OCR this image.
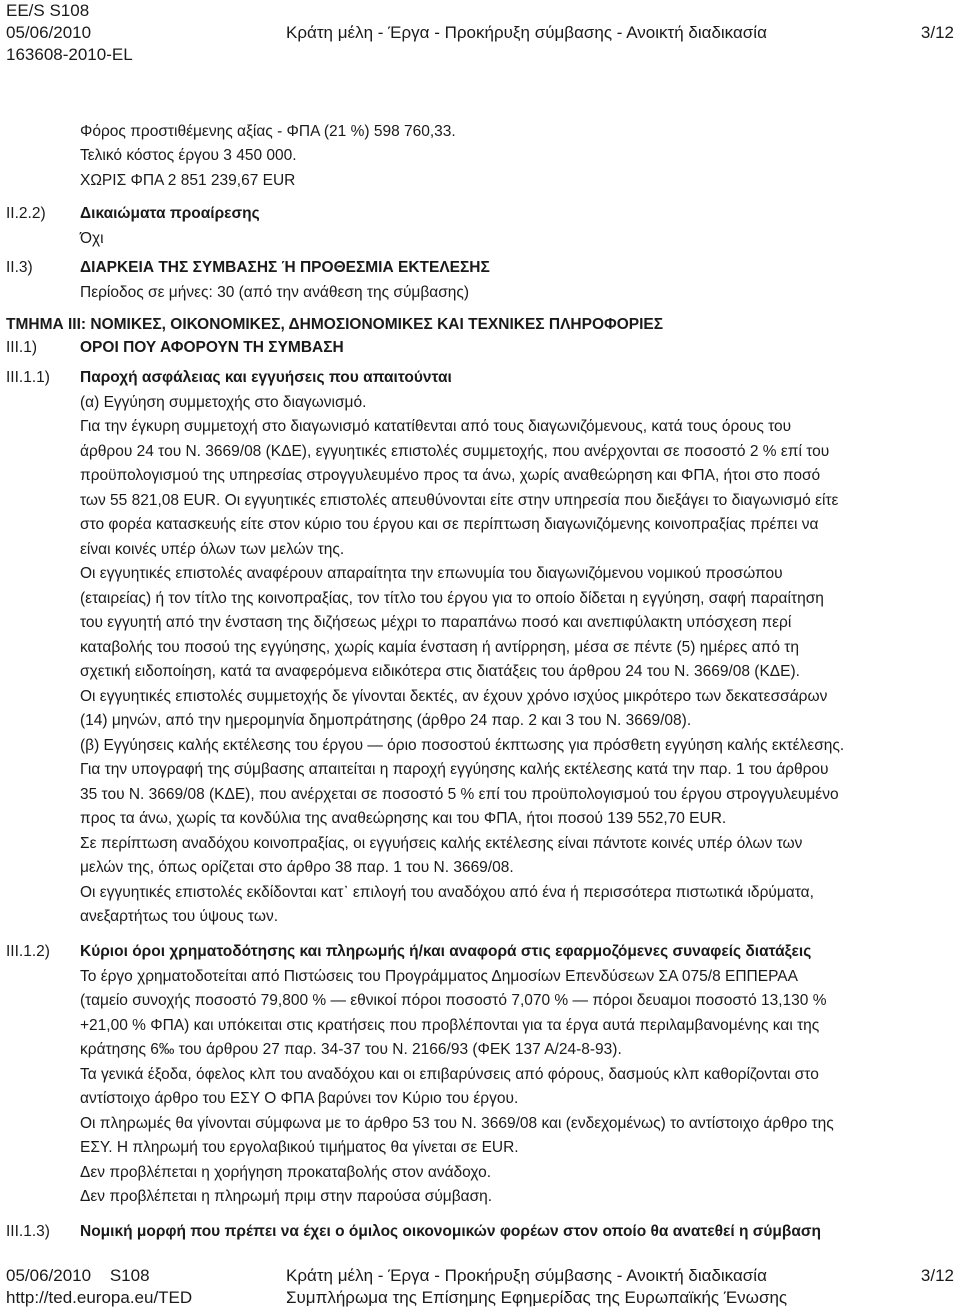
EE/S S108
05/06/2010
163608-2010-EL
Κράτη μέλη - Έργα - Προκήρυξη σύμβασης - Ανοικτή διαδικασία	3/12
Φόρος προστιθέμενης αξίας - ΦΠΑ (21 %) 598 760,33.
Τελικό κόστος έργου 3 450 000.
ΧΩΡΙΣ ΦΠΑ 2 851 239,67 EUR
II.2.2) Δικαιώματα προαίρεσης
Όχι
II.3)	ΔΙΑΡΚΕΙΑ ΤΗΣ ΣΥΜΒΑΣΗΣ Ή ΠΡΟΘΕΣΜΙΑ ΕΚΤΕΛΕΣΗΣ
Περίοδος σε μήνες: 30 (από την ανάθεση της σύμβασης)
ΤΜΗΜΑ III: ΝΟΜΙΚΕΣ, ΟΙΚΟΝΟΜΙΚΕΣ, ΔΗΜΟΣΙΟΝΟΜΙΚΕΣ ΚΑΙ ΤΕΧΝΙΚΕΣ ΠΛΗΡΟΦΟΡΙΕΣ
III.1)	ΟΡΟΙ ΠΟΥ ΑΦΟΡΟΥΝ ΤΗ ΣΥΜΒΑΣΗ
III.1.1) Παροχή ασφάλειας και εγγυήσεις που απαιτούνται
(α) Εγγύηση συμμετοχής στο διαγωνισμό.
Για την έγκυρη συμμετοχή στο διαγωνισμό κατατίθενται από τους διαγωνιζόμενους, κατά τους όρους του
άρθρου 24 του Ν. 3669/08 (ΚΔΕ), εγγυητικές επιστολές συμμετοχής, που ανέρχονται σε ποσοστό 2 % επί του
προϋπολογισμού της υπηρεσίας στρογγυλευμένο προς τα άνω, χωρίς αναθεώρηση και ΦΠΑ, ήτοι στο ποσό
των 55 821,08 EUR. Οι εγγυητικές επιστολές απευθύνονται είτε στην υπηρεσία που διεξάγει το διαγωνισμό είτε
στο φορέα κατασκευής είτε στον κύριο του έργου και σε περίπτωση διαγωνιζόμενης κοινοπραξίας πρέπει να
είναι κοινές υπέρ όλων των μελών της.
Οι εγγυητικές επιστολές αναφέρουν απαραίτητα την επωνυμία του διαγωνιζόμενου νομικού προσώπου
(εταιρείας) ή τον τίτλο της κοινοπραξίας, τον τίτλο του έργου για το οποίο δίδεται η εγγύηση, σαφή παραίτηση
του εγγυητή από την ένσταση της διζήσεως μέχρι το παραπάνω ποσό και ανεπιφύλακτη υπόσχεση περί
καταβολής του ποσού της εγγύησης, χωρίς καμία ένσταση ή αντίρρηση, μέσα σε πέντε (5) ημέρες από τη
σχετική ειδοποίηση, κατά τα αναφερόμενα ειδικότερα στις διατάξεις του άρθρου 24 του Ν. 3669/08 (ΚΔΕ).
Οι εγγυητικές επιστολές συμμετοχής δε γίνονται δεκτές, αν έχουν χρόνο ισχύος μικρότερο των δεκατεσσάρων
(14) μηνών, από την ημερομηνία δημοπράτησης (άρθρο 24 παρ. 2 και 3 του Ν. 3669/08).
(β) Εγγύησεις καλής εκτέλεσης του έργου — όριο ποσοστού έκπτωσης για πρόσθετη εγγύηση καλής εκτέλεσης.
Για την υπογραφή της σύμβασης απαιτείται η παροχή εγγύησης καλής εκτέλεσης κατά την παρ. 1 του άρθρου
35 του Ν. 3669/08 (ΚΔΕ), που ανέρχεται σε ποσοστό 5 % επί του προϋπολογισμού του έργου στρογγυλευμένο
προς τα άνω, χωρίς τα κονδύλια της αναθεώρησης και του ΦΠΑ, ήτοι ποσού 139 552,70 EUR.
Σε περίπτωση αναδόχου κοινοπραξίας, οι εγγυήσεις καλής εκτέλεσης είναι πάντοτε κοινές υπέρ όλων των
μελών της, όπως ορίζεται στο άρθρο 38 παρ. 1 του Ν. 3669/08.
Οι εγγυητικές επιστολές εκδίδονται κατ᾽ επιλογή του αναδόχου από ένα ή περισσότερα πιστωτικά ιδρύματα,
ανεξαρτήτως του ύψους των.
III.1.2) Κύριοι όροι χρηματοδότησης και πληρωμής ή/και αναφορά στις εφαρμοζόμενες συναφείς διατάξεις
Το έργο χρηματοδοτείται από Πιστώσεις του Προγράμματος Δημοσίων Επενδύσεων ΣΑ 075/8 ΕΠΠΕΡΑΑ
(ταμείο συνοχής ποσοστό 79,800 % — εθνικοί πόροι ποσοστό 7,070 % — πόροι δευαμοι ποσοστό 13,130 %
+21,00 % ΦΠΑ) και υπόκειται στις κρατήσεις που προβλέπονται για τα έργα αυτά περιλαμβανομένης και της
κράτησης 6‰ του άρθρου 27 παρ. 34-37 του Ν. 2166/93 (ΦΕΚ 137 Α/24-8-93).
Τα γενικά έξοδα, όφελος κλπ του αναδόχου και οι επιβαρύνσεις από φόρους, δασμούς κλπ καθορίζονται στο
αντίστοιχο άρθρο του ΕΣΥ Ο ΦΠΑ βαρύνει τον Κύριο του έργου.
Οι πληρωμές θα γίνονται σύμφωνα με το άρθρο 53 του Ν. 3669/08 και (ενδεχομένως) το αντίστοιχο άρθρο της
ΕΣΥ. Η πληρωμή του εργολαβικού τιμήματος θα γίνεται σε EUR.
Δεν προβλέπεται η χορήγηση προκαταβολής στον ανάδοχο.
Δεν προβλέπεται η πληρωμή πριμ στην παρούσα σύμβαση.
III.1.3) Νομική μορφή που πρέπει να έχει ο όμιλος οικονομικών φορέων στον οποίο θα ανατεθεί η σύμβαση
05/06/2010 S108
http://ted.europa.eu/TED
Κράτη μέλη - Έργα - Προκήρυξη σύμβασης - Ανοικτή διαδικασία
Συμπλήρωμα της Επίσημης Εφημερίδας της Ευρωπαϊκής Ένωσης
3/12
